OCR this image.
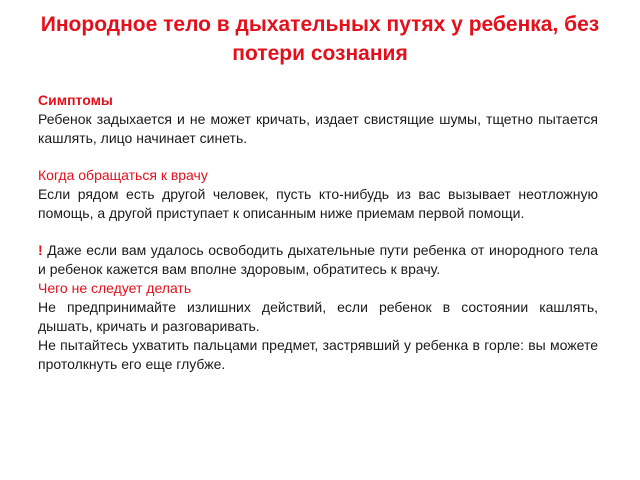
Инородное тело в дыхательных путях у ребенка, без потери сознания

Симптомы

Ребенок задыхается и не может кричать, издает свистящие шумы, тщетно пытается кашлять, лицо начинает синеть.

Когда обращаться к врачу

Если рядом есть другой человек, пусть кто-нибудь из вас вызывает неотложную помощь, а другой приступает к описанным ниже приемам первой помощи.

! Даже если вам удалось освободить дыхательные пути ребенка от инородного тела и ребенок кажется вам вполне здоровым, обратитесь к врачу.

Чего не следует делать

Не предпринимайте излишних действий, если ребенок в состоянии кашлять, дышать, кричать и разговаривать.

Не пытайтесь ухватить пальцами предмет, застрявший у ребенка в горле: вы можете протолкнуть его еще глубже.
